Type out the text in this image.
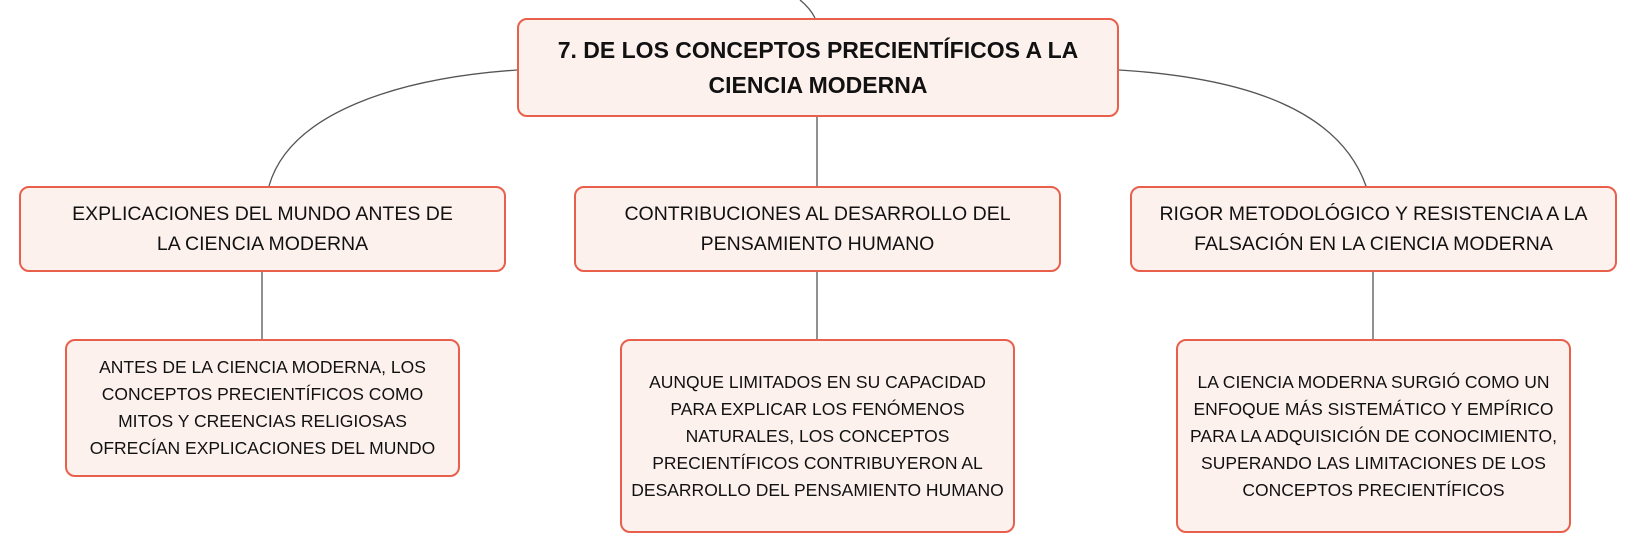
7. DE LOS CONCEPTOS PRECIENTÍFICOS A LA CIENCIA MODERNA
EXPLICACIONES DEL MUNDO ANTES DE LA CIENCIA MODERNA
CONTRIBUCIONES AL DESARROLLO DEL PENSAMIENTO HUMANO
RIGOR METODOLÓGICO Y RESISTENCIA A LA FALSACIÓN EN LA CIENCIA MODERNA
ANTES DE LA CIENCIA MODERNA, LOS CONCEPTOS PRECIENTÍFICOS COMO MITOS Y CREENCIAS RELIGIOSAS OFRECÍAN EXPLICACIONES DEL MUNDO
AUNQUE LIMITADOS EN SU CAPACIDAD PARA EXPLICAR LOS FENÓMENOS NATURALES, LOS CONCEPTOS PRECIENTÍFICOS CONTRIBUYERON AL DESARROLLO DEL PENSAMIENTO HUMANO
LA CIENCIA MODERNA SURGIÓ COMO UN ENFOQUE MÁS SISTEMÁTICO Y EMPÍRICO PARA LA ADQUISICIÓN DE CONOCIMIENTO, SUPERANDO LAS LIMITACIONES DE LOS CONCEPTOS PRECIENTÍFICOS
